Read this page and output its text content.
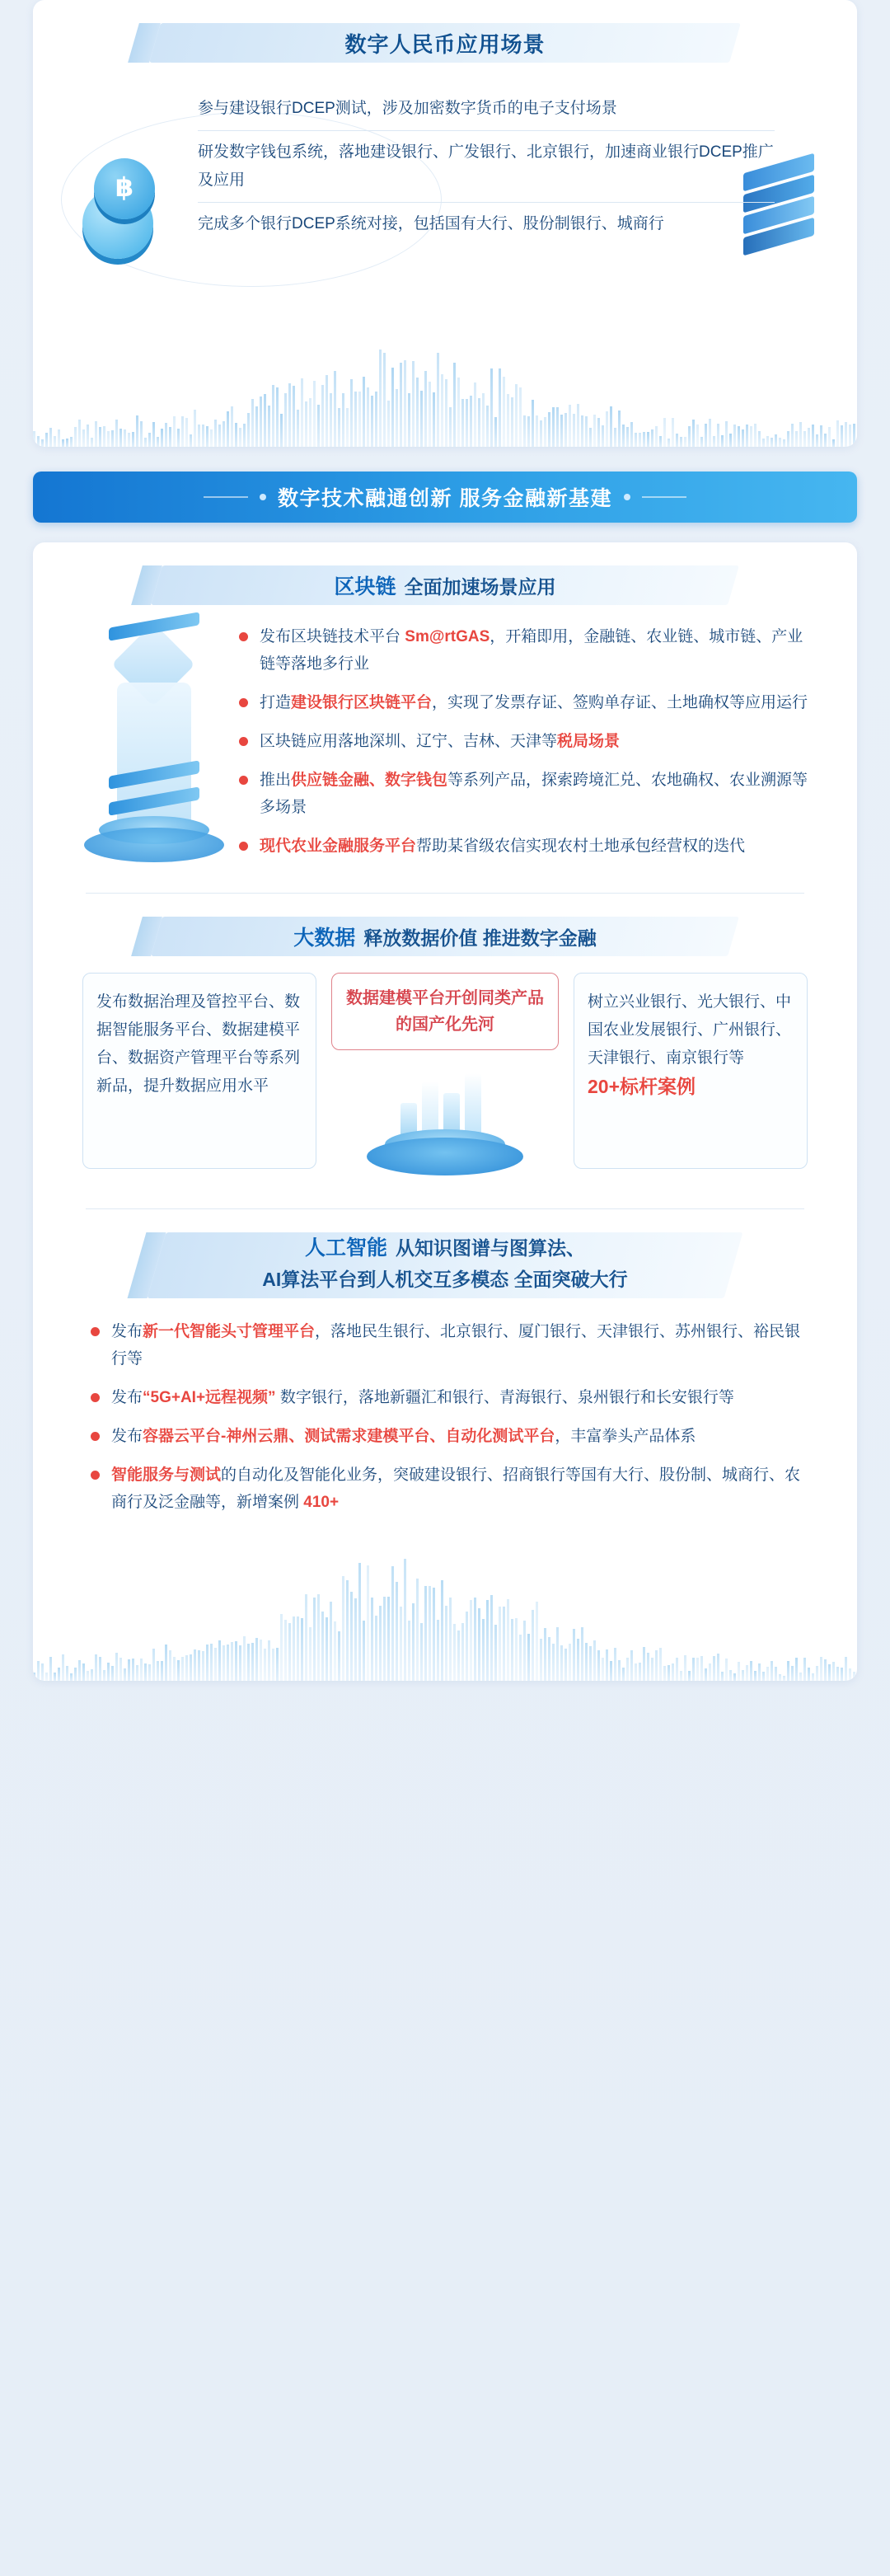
数字人民币应用场景
฿
参与建设银行DCEP测试，涉及加密数字货币的电子支付场景
研发数字钱包系统，落地建设银行、广发银行、北京银行，加速商业银行DCEP推广及应用
完成多个银行DCEP系统对接，包括国有大行、股份制银行、城商行
数字技术融通创新 服务金融新基建
区块链 全面加速场景应用
发布区块链技术平台 Sm@rtGAS，开箱即用，金融链、农业链、城市链、产业链等落地多行业
打造建设银行区块链平台，实现了发票存证、签购单存证、土地确权等应用运行
区块链应用落地深圳、辽宁、吉林、天津等税局场景
推出供应链金融、数字钱包等系列产品，探索跨境汇兑、农地确权、农业溯源等多场景
现代农业金融服务平台帮助某省级农信实现农村土地承包经营权的迭代
大数据 释放数据价值 推进数字金融
发布数据治理及管控平台、数据智能服务平台、数据建模平台、数据资产管理平台等系列新品，提升数据应用水平
数据建模平台开创同类产品的国产化先河
树立兴业银行、光大银行、中国农业发展银行、广州银行、天津银行、南京银行等20+标杆案例
人工智能 从知识图谱与图算法、
AI算法平台到人机交互多模态 全面突破大行
发布新一代智能头寸管理平台，落地民生银行、北京银行、厦门银行、天津银行、苏州银行、裕民银行等
发布“5G+AI+远程视频” 数字银行，落地新疆汇和银行、青海银行、泉州银行和长安银行等
发布容器云平台-神州云鼎、测试需求建模平台、自动化测试平台，丰富拳头产品体系
智能服务与测试的自动化及智能化业务，突破建设银行、招商银行等国有大行、股份制、城商行、农商行及泛金融等，新增案例 410+
